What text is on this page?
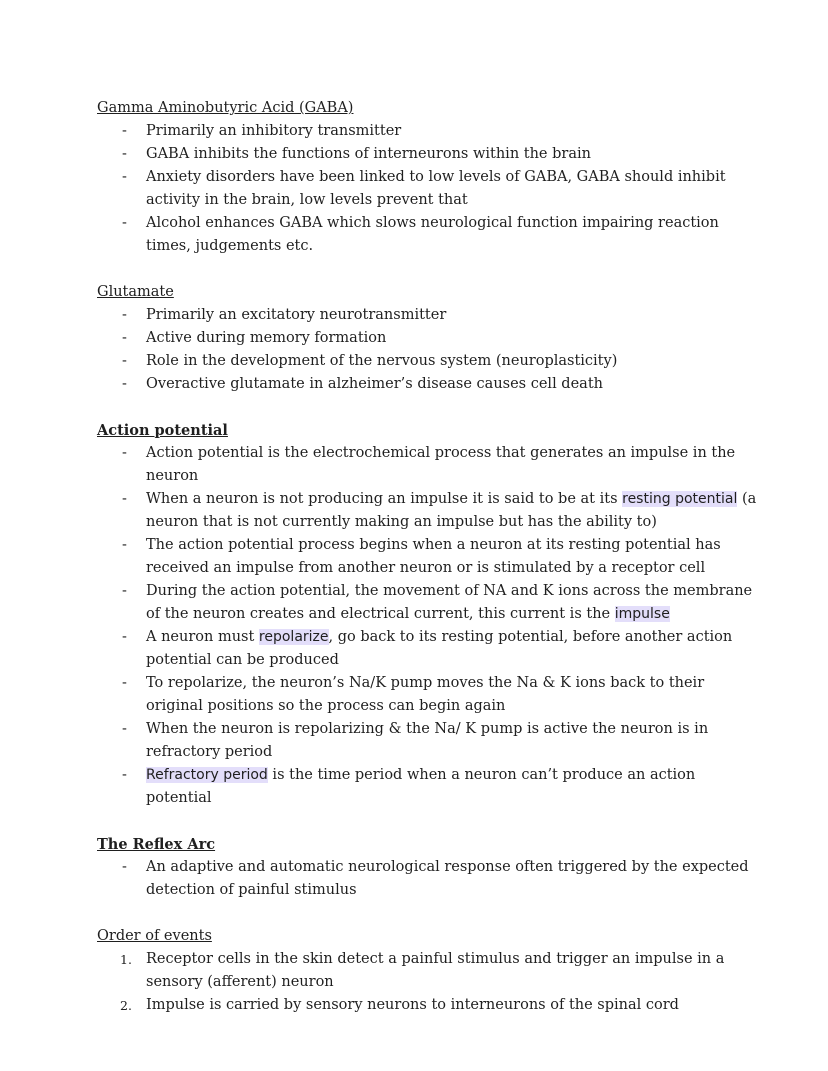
Gamma Aminobutyric Acid (GABA)

- Primarily an inhibitory transmitter
- GABA inhibits the functions of interneurons within the brain
- Anxiety disorders have been linked to low levels of GABA, GABA should inhibit activity in the brain, low levels prevent that
- Alcohol enhances GABA which slows neurological function impairing reaction times, judgements etc.

Glutamate

- Primarily an excitatory neurotransmitter
- Active during memory formation
- Role in the development of the nervous system (neuroplasticity)
- Overactive glutamate in alzheimer’s disease causes cell death

Action potential

- Action potential is the electrochemical process that generates an impulse in the neuron
- When a neuron is not producing an impulse it is said to be at its resting potential (a neuron that is not currently making an impulse but has the ability to)
- The action potential process begins when a neuron at its resting potential has received an impulse from another neuron or is stimulated by a receptor cell
- During the action potential, the movement of NA and K ions across the membrane of the neuron creates and electrical current, this current is the impulse
- A neuron must repolarize, go back to its resting potential, before another action potential can be produced
- To repolarize, the neuron’s Na/K pump moves the Na & K ions back to their original positions so the process can begin again
- When the neuron is repolarizing & the Na/ K pump is active the neuron is in refractory period
- Refractory period is the time period when a neuron can’t produce an action potential

The Reflex Arc

- An adaptive and automatic neurological response often triggered by the expected detection of painful stimulus

Order of events

1. Receptor cells in the skin detect a painful stimulus and trigger an impulse in a sensory (afferent) neuron
2. Impulse is carried by sensory neurons to interneurons of the spinal cord
